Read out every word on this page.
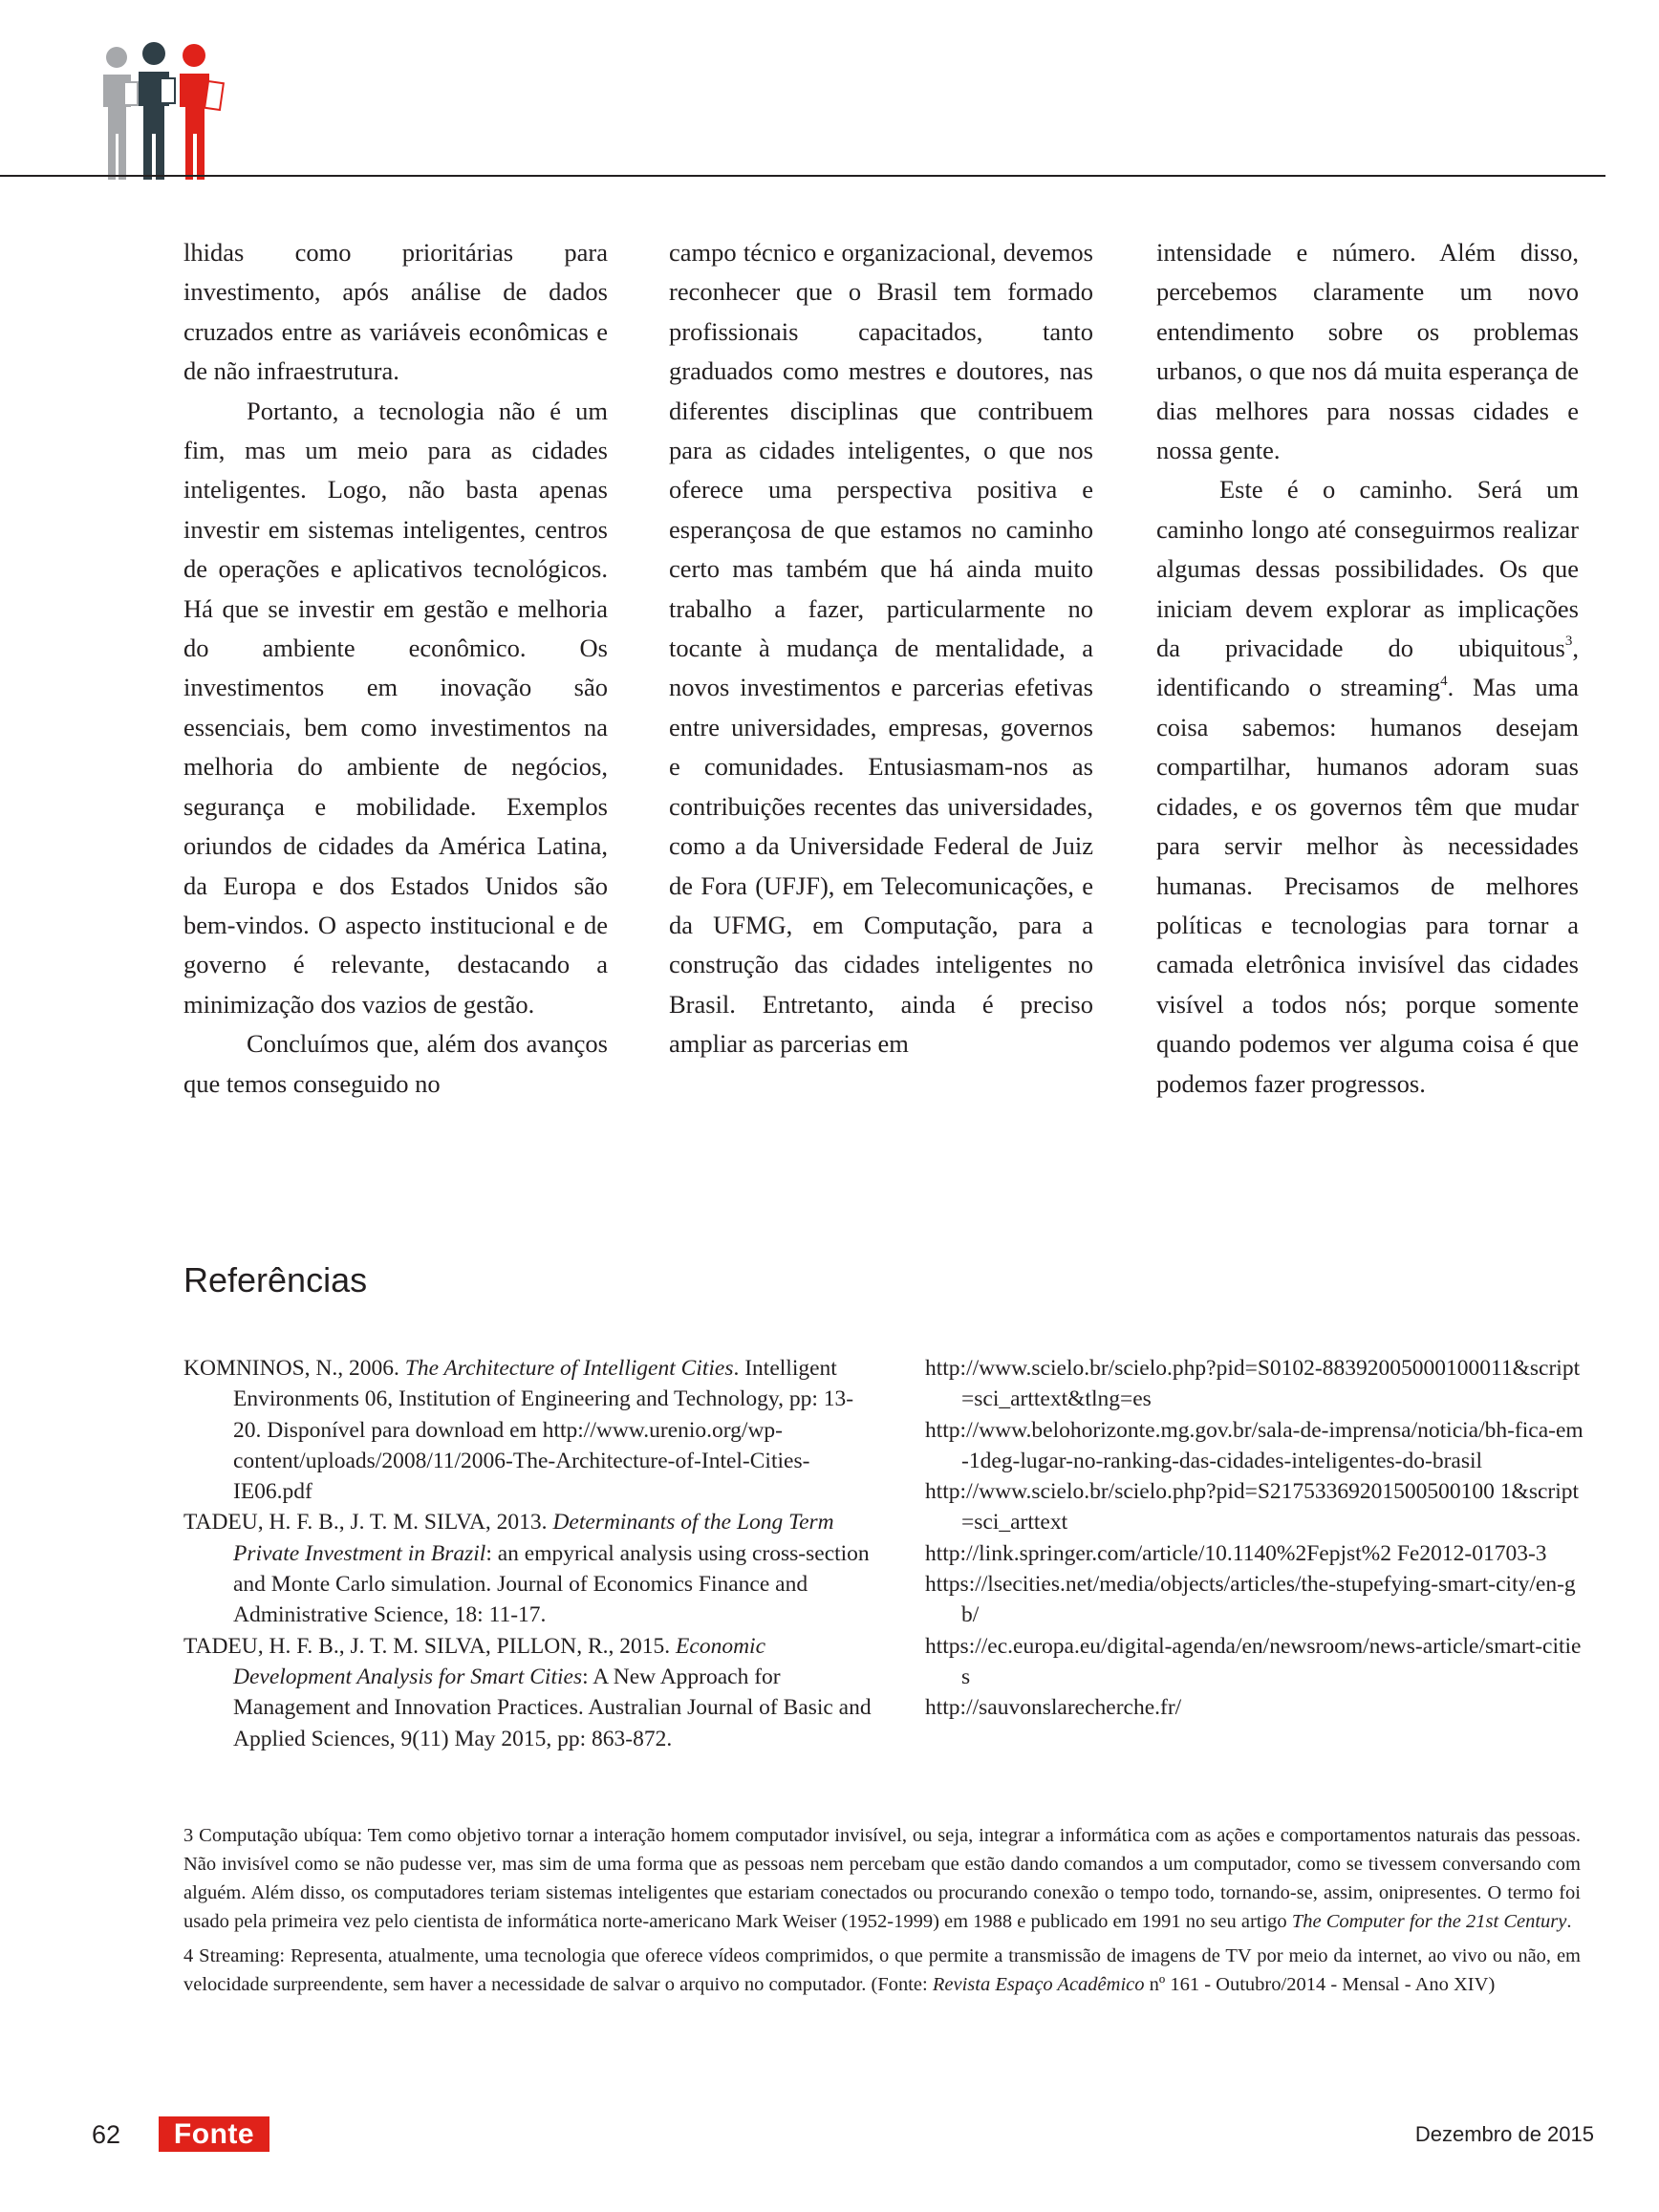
lhidas como prioritárias para investimento, após análise de dados cruzados entre as variáveis econômicas e de não infraestrutura.

Portanto, a tecnologia não é um fim, mas um meio para as cidades inteligentes. Logo, não basta apenas investir em sistemas inteligentes, centros de operações e aplicativos tecnológicos. Há que se investir em gestão e melhoria do ambiente econômico. Os investimentos em inovação são essenciais, bem como investimentos na melhoria do ambiente de negócios, segurança e mobilidade. Exemplos oriundos de cidades da América Latina, da Europa e dos Estados Unidos são bem-vindos. O aspecto institucional e de governo é relevante, destacando a minimização dos vazios de gestão.

Concluímos que, além dos avanços que temos conseguido no

campo técnico e organizacional, devemos reconhecer que o Brasil tem formado profissionais capacitados, tanto graduados como mestres e doutores, nas diferentes disciplinas que contribuem para as cidades inteligentes, o que nos oferece uma perspectiva positiva e esperançosa de que estamos no caminho certo mas também que há ainda muito trabalho a fazer, particularmente no tocante à mudança de mentalidade, a novos investimentos e parcerias efetivas entre universidades, empresas, governos e comunidades. Entusiasmam-nos as contribuições recentes das universidades, como a da Universidade Federal de Juiz de Fora (UFJF), em Telecomunicações, e da UFMG, em Computação, para a construção das cidades inteligentes no Brasil. Entretanto, ainda é preciso ampliar as parcerias em

intensidade e número. Além disso, percebemos claramente um novo entendimento sobre os problemas urbanos, o que nos dá muita esperança de dias melhores para nossas cidades e nossa gente.

Este é o caminho. Será um caminho longo até conseguirmos realizar algumas dessas possibilidades. Os que iniciam devem explorar as implicações da privacidade do ubiquitous$^3$, identificando o streaming$^4$. Mas uma coisa sabemos: humanos desejam compartilhar, humanos adoram suas cidades, e os governos têm que mudar para servir melhor às necessidades humanas. Precisamos de melhores políticas e tecnologias para tornar a camada eletrônica invisível das cidades visível a todos nós; porque somente quando podemos ver alguma coisa é que podemos fazer progressos.

Referências

KOMNINOS, N., 2006. The Architecture of Intelligent Cities. Intelligent Environments 06, Institution of Engineering and Technology, pp: 13-20. Disponível para download em http://www.urenio.org/wp-content/uploads/2008/11/2006-The-Architecture-of-Intel-Cities-IE06.pdf

TADEU, H. F. B., J. T. M. SILVA, 2013. Determinants of the Long Term Private Investment in Brazil: an empyrical analysis using cross-section and Monte Carlo simulation. Journal of Economics Finance and Administrative Science, 18: 11-17.

TADEU, H. F. B., J. T. M. SILVA, PILLON, R., 2015. Economic Development Analysis for Smart Cities: A New Approach for Management and Innovation Practices. Australian Journal of Basic and Applied Sciences, 9(11) May 2015, pp: 863-872.

http://www.scielo.br/scielo.php?pid=S0102-88392005000100011&script=sci_arttext&tlng=es

http://www.belohorizonte.mg.gov.br/sala-de-imprensa/noticia/bh-fica-em-1deg-lugar-no-ranking-das-cidades-inteligentes-do-brasil

http://www.scielo.br/scielo.php?pid=S21753369201500500100 1&script=sci_arttext

http://link.springer.com/article/10.1140%2Fepjst%2 Fe2012-01703-3

https://lsecities.net/media/objects/articles/the-stupefying-smart-city/en-gb/

https://ec.europa.eu/digital-agenda/en/newsroom/news-article/smart-cities

http://sauvonslarecherche.fr/

3 Computação ubíqua: Tem como objetivo tornar a interação homem computador invisível, ou seja, integrar a informática com as ações e comportamentos naturais das pessoas. Não invisível como se não pudesse ver, mas sim de uma forma que as pessoas nem percebam que estão dando comandos a um computador, como se tivessem conversando com alguém. Além disso, os computadores teriam sistemas inteligentes que estariam conectados ou procurando conexão o tempo todo, tornando-se, assim, onipresentes. O termo foi usado pela primeira vez pelo cientista de informática norte-americano Mark Weiser (1952-1999) em 1988 e publicado em 1991 no seu artigo The Computer for the 21st Century.

4 Streaming: Representa, atualmente, uma tecnologia que oferece vídeos comprimidos, o que permite a transmissão de imagens de TV por meio da internet, ao vivo ou não, em velocidade surpreendente, sem haver a necessidade de salvar o arquivo no computador. (Fonte: Revista Espaço Acadêmico nº 161 - Outubro/2014 - Mensal - Ano XIV)

62	Fonte	Dezembro de 2015
